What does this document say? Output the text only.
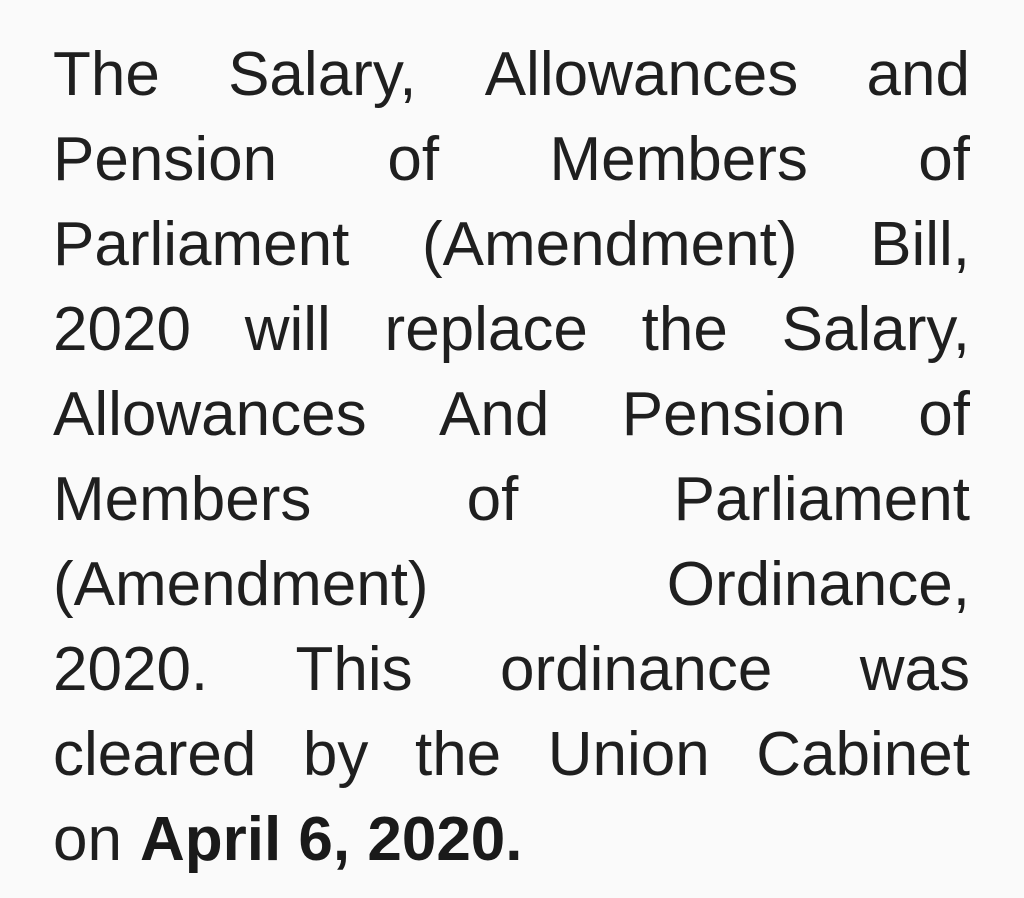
The Salary, Allowances and
Pension of Members of
Parliament (Amendment) Bill,
2020 will replace the Salary,
Allowances And Pension of
Members	of	Parliament
(Amendment)	Ordinance,
2020. This ordinance was
cleared by the Union Cabinet
on April 6, 2020.
